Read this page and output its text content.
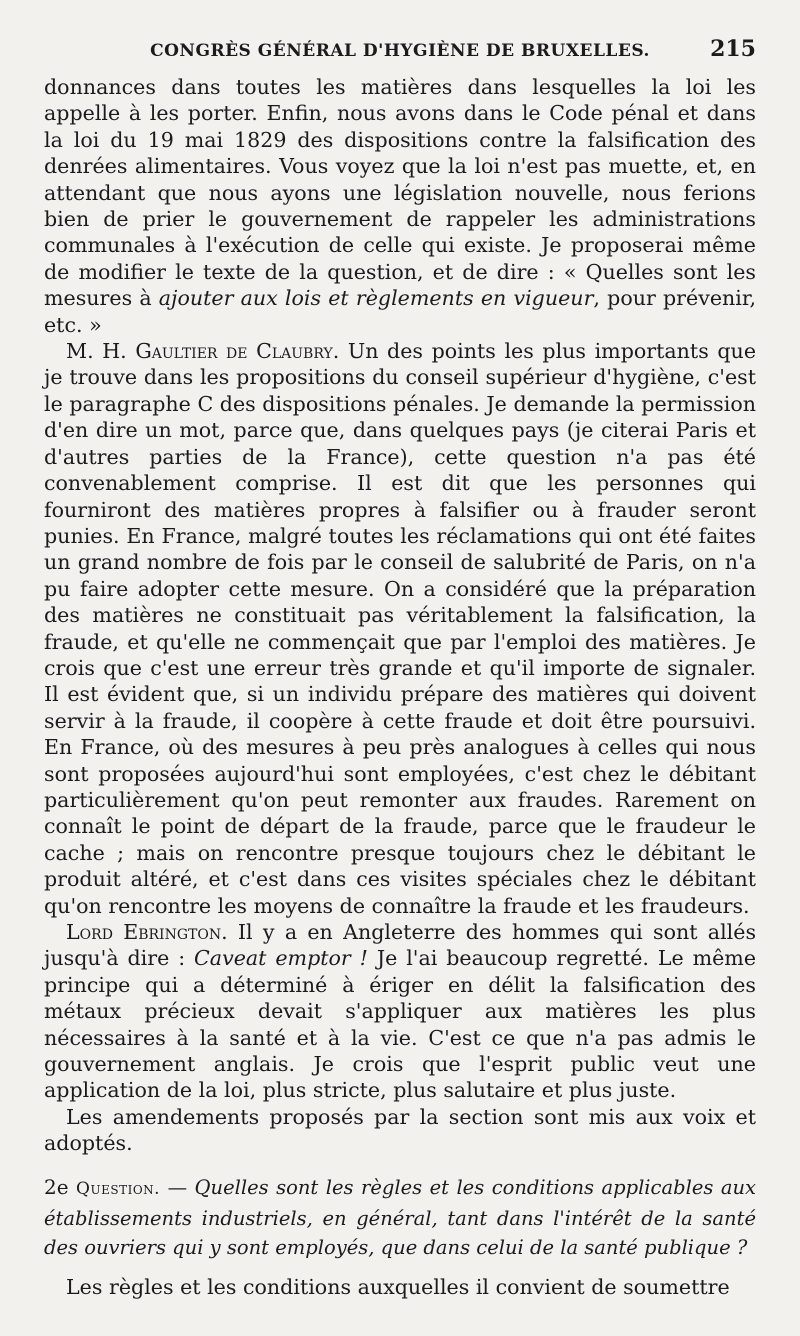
CONGRÈS GÉNÉRAL D'HYGIÈNE DE BRUXELLES.	215

donnances dans toutes les matières dans lesquelles la loi les appelle à les porter. Enfin, nous avons dans le Code pénal et dans la loi du 19 mai 1829 des dispositions contre la falsification des denrées alimentaires. Vous voyez que la loi n'est pas muette, et, en attendant que nous ayons une législation nouvelle, nous ferions bien de prier le gouvernement de rappeler les administrations communales à l'exécution de celle qui existe. Je proposerai même de modifier le texte de la question, et de dire : « Quelles sont les mesures à ajouter aux lois et règlements en vigueur, pour prévenir, etc. »

M. H. Gaultier de Claubry. Un des points les plus importants que je trouve dans les propositions du conseil supérieur d'hygiène, c'est le paragraphe C des dispositions pénales. Je demande la permission d'en dire un mot, parce que, dans quelques pays (je citerai Paris et d'autres parties de la France), cette question n'a pas été convenablement comprise. Il est dit que les personnes qui fourniront des matières propres à falsifier ou à frauder seront punies. En France, malgré toutes les réclamations qui ont été faites un grand nombre de fois par le conseil de salubrité de Paris, on n'a pu faire adopter cette mesure. On a considéré que la préparation des matières ne constituait pas véritablement la falsification, la fraude, et qu'elle ne commençait que par l'emploi des matières. Je crois que c'est une erreur très grande et qu'il importe de signaler. Il est évident que, si un individu prépare des matières qui doivent servir à la fraude, il coopère à cette fraude et doit être poursuivi. En France, où des mesures à peu près analogues à celles qui nous sont proposées aujourd'hui sont employées, c'est chez le débitant particulièrement qu'on peut remonter aux fraudes. Rarement on connaît le point de départ de la fraude, parce que le fraudeur le cache ; mais on rencontre presque toujours chez le débitant le produit altéré, et c'est dans ces visites spéciales chez le débitant qu'on rencontre les moyens de connaître la fraude et les fraudeurs.

Lord Ebrington. Il y a en Angleterre des hommes qui sont allés jusqu'à dire : Caveat emptor ! Je l'ai beaucoup regretté. Le même principe qui a déterminé à ériger en délit la falsification des métaux précieux devait s'appliquer aux matières les plus nécessaires à la santé et à la vie. C'est ce que n'a pas admis le gouvernement anglais. Je crois que l'esprit public veut une application de la loi, plus stricte, plus salutaire et plus juste.

Les amendements proposés par la section sont mis aux voix et adoptés.

2e Question. — Quelles sont les règles et les conditions applicables aux établissements industriels, en général, tant dans l'intérêt de la santé des ouvriers qui y sont employés, que dans celui de la santé publique ?

Les règles et les conditions auxquelles il convient de soumettre
